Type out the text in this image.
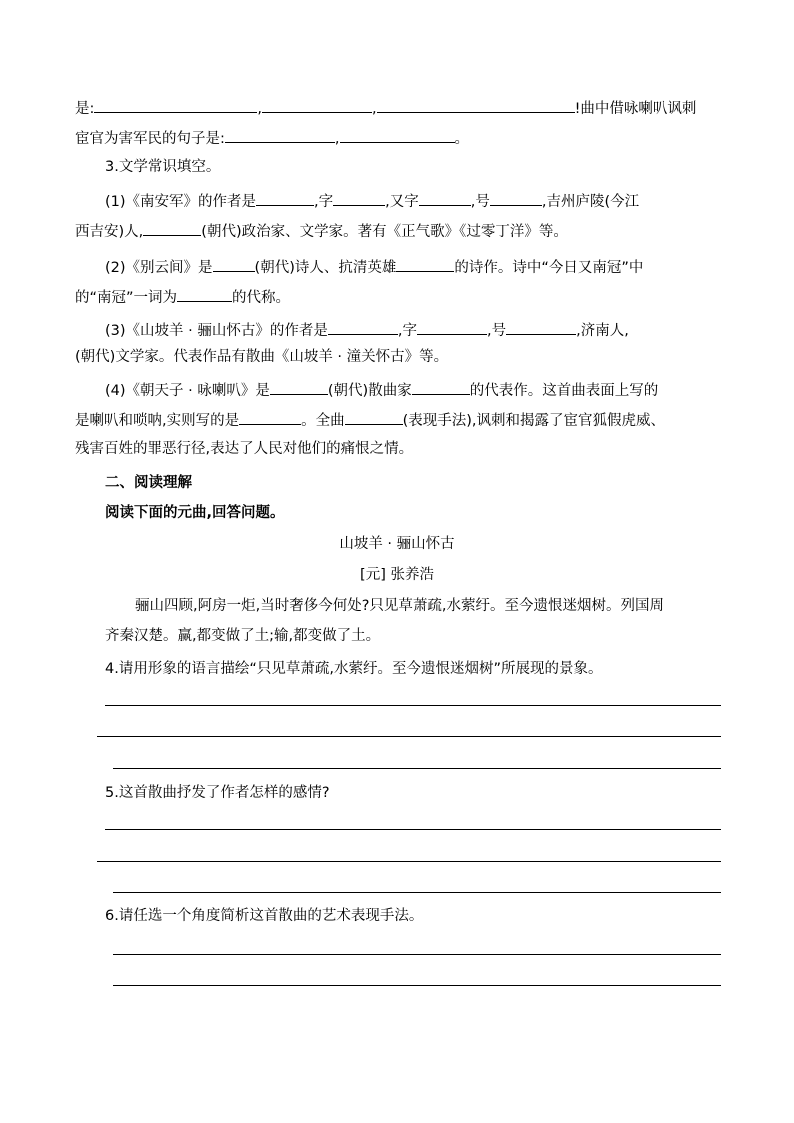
是:	,	,	!曲中借咏喇叭讽刺

宦官为害军民的句子是:	,	。

3.文学常识填空。

(1)《南安军》的作者是	,字	,又字	,号	,吉州庐陵(今江

西吉安)人,	(朝代)政治家、文学家。著有《正气歌》《过零丁洋》等。

(2)《别云间》是	(朝代)诗人、抗清英雄	的诗作。诗中“今日又南冠”中

的“南冠”一词为	的代称。

(3)《山坡羊 · 骊山怀古》的作者是	,字	,号	,济南人,

(朝代)文学家。代表作品有散曲《山坡羊 · 潼关怀古》等。

(4)《朝天子 · 咏喇叭》是	(朝代)散曲家	的代表作。这首曲表面上写的

是喇叭和唢呐,实则写的是	。全曲	(表现手法),讽刺和揭露了宦官狐假虎威、

残害百姓的罪恶行径,表达了人民对他们的痛恨之情。

二、阅读理解

阅读下面的元曲,回答问题。

山坡羊 · 骊山怀古

[元] 张养浩

骊山四顾,阿房一炬,当时奢侈今何处?只见草萧疏,水萦纡。至今遗恨迷烟树。列国周

齐秦汉楚。赢,都变做了土;输,都变做了土。

4.请用形象的语言描绘“只见草萧疏,水萦纡。至今遗恨迷烟树”所展现的景象。

5.这首散曲抒发了作者怎样的感情?

6.请任选一个角度简析这首散曲的艺术表现手法。
